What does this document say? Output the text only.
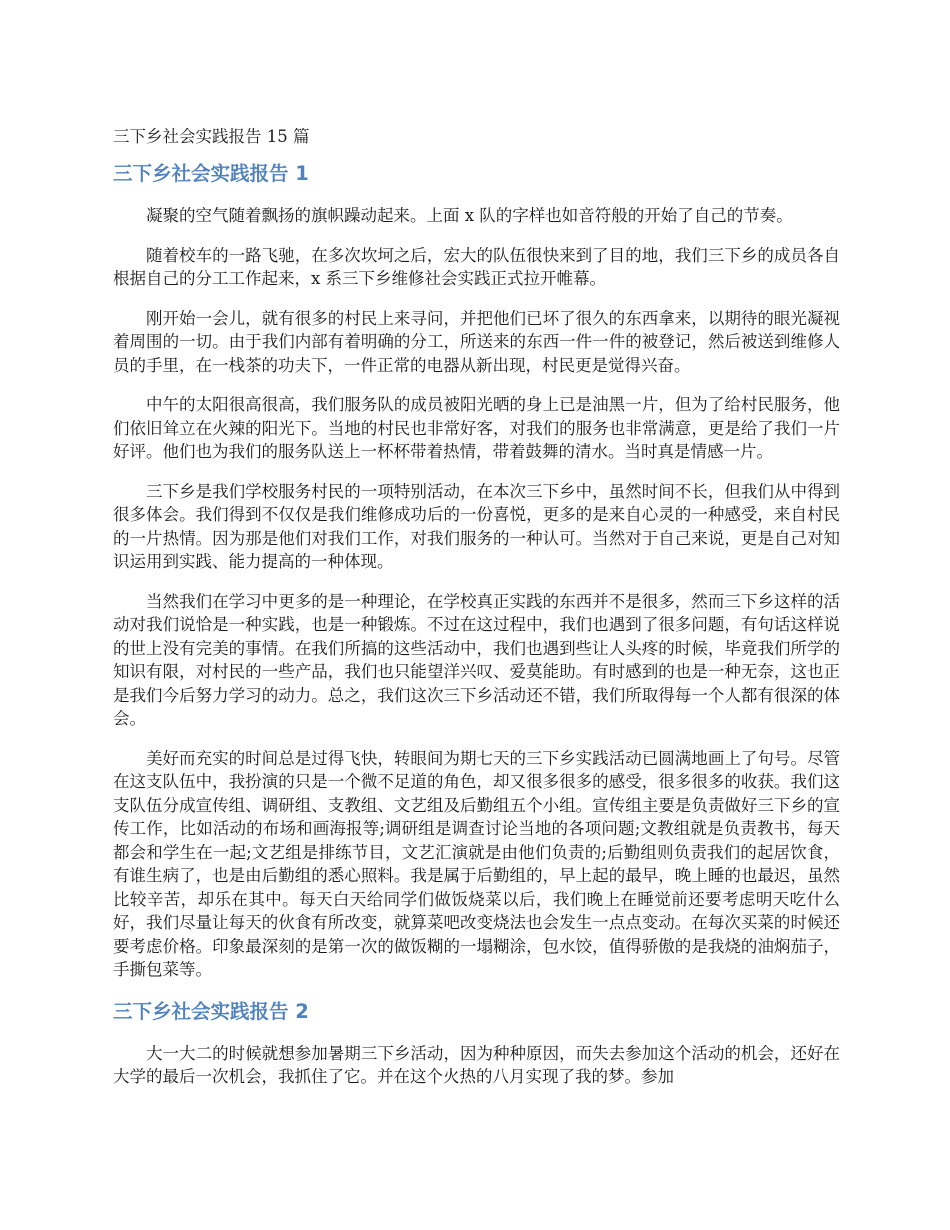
三下乡社会实践报告 15 篇
三下乡社会实践报告 1

凝聚的空气随着飘扬的旗帜躁动起来。上面 x 队的字样也如音符般的开始了自己的节奏。

随着校车的一路飞驰，在多次坎坷之后，宏大的队伍很快来到了目的地，我们三下乡的成员各自根据自己的分工工作起来，x 系三下乡维修社会实践正式拉开帷幕。

刚开始一会儿，就有很多的村民上来寻问，并把他们已坏了很久的东西拿来，以期待的眼光凝视着周围的一切。由于我们内部有着明确的分工，所送来的东西一件一件的被登记，然后被送到维修人员的手里，在一栈茶的功夫下，一件正常的电器从新出现，村民更是觉得兴奋。

中午的太阳很高很高，我们服务队的成员被阳光晒的身上已是油黑一片，但为了给村民服务，他们依旧耸立在火辣的阳光下。当地的村民也非常好客，对我们的服务也非常满意，更是给了我们一片好评。他们也为我们的服务队送上一杯杯带着热情，带着鼓舞的清水。当时真是情感一片。

三下乡是我们学校服务村民的一项特别活动，在本次三下乡中，虽然时间不长，但我们从中得到很多体会。我们得到不仅仅是我们维修成功后的一份喜悦，更多的是来自心灵的一种感受，来自村民的一片热情。因为那是他们对我们工作，对我们服务的一种认可。当然对于自己来说，更是自己对知识运用到实践、能力提高的一种体现。

当然我们在学习中更多的是一种理论，在学校真正实践的东西并不是很多，然而三下乡这样的活动对我们说恰是一种实践，也是一种锻炼。不过在这过程中，我们也遇到了很多问题，有句话这样说的世上没有完美的事情。在我们所搞的这些活动中，我们也遇到些让人头疼的时候，毕竟我们所学的知识有限，对村民的一些产品，我们也只能望洋兴叹、爱莫能助。有时感到的也是一种无奈，这也正是我们今后努力学习的动力。总之，我们这次三下乡活动还不错，我们所取得每一个人都有很深的体会。

美好而充实的时间总是过得飞快，转眼间为期七天的三下乡实践活动已圆满地画上了句号。尽管在这支队伍中，我扮演的只是一个微不足道的角色，却又很多很多的感受，很多很多的收获。我们这支队伍分成宣传组、调研组、支教组、文艺组及后勤组五个小组。宣传组主要是负责做好三下乡的宣传工作，比如活动的布场和画海报等;调研组是调查讨论当地的各项问题;文教组就是负责教书，每天都会和学生在一起;文艺组是排练节目，文艺汇演就是由他们负责的;后勤组则负责我们的起居饮食，有谁生病了，也是由后勤组的悉心照料。我是属于后勤组的，早上起的最早，晚上睡的也最迟，虽然比较辛苦，却乐在其中。每天白天给同学们做饭烧菜以后，我们晚上在睡觉前还要考虑明天吃什么好，我们尽量让每天的伙食有所改变，就算菜吧改变烧法也会发生一点点变动。在每次买菜的时候还要考虑价格。印象最深刻的是第一次的做饭糊的一塌糊涂，包水饺，值得骄傲的是我烧的油焖茄子，手撕包菜等。

三下乡社会实践报告 2

大一大二的时候就想参加暑期三下乡活动，因为种种原因，而失去参加这个活动的机会，还好在大学的最后一次机会，我抓住了它。并在这个火热的八月实现了我的梦。参加
